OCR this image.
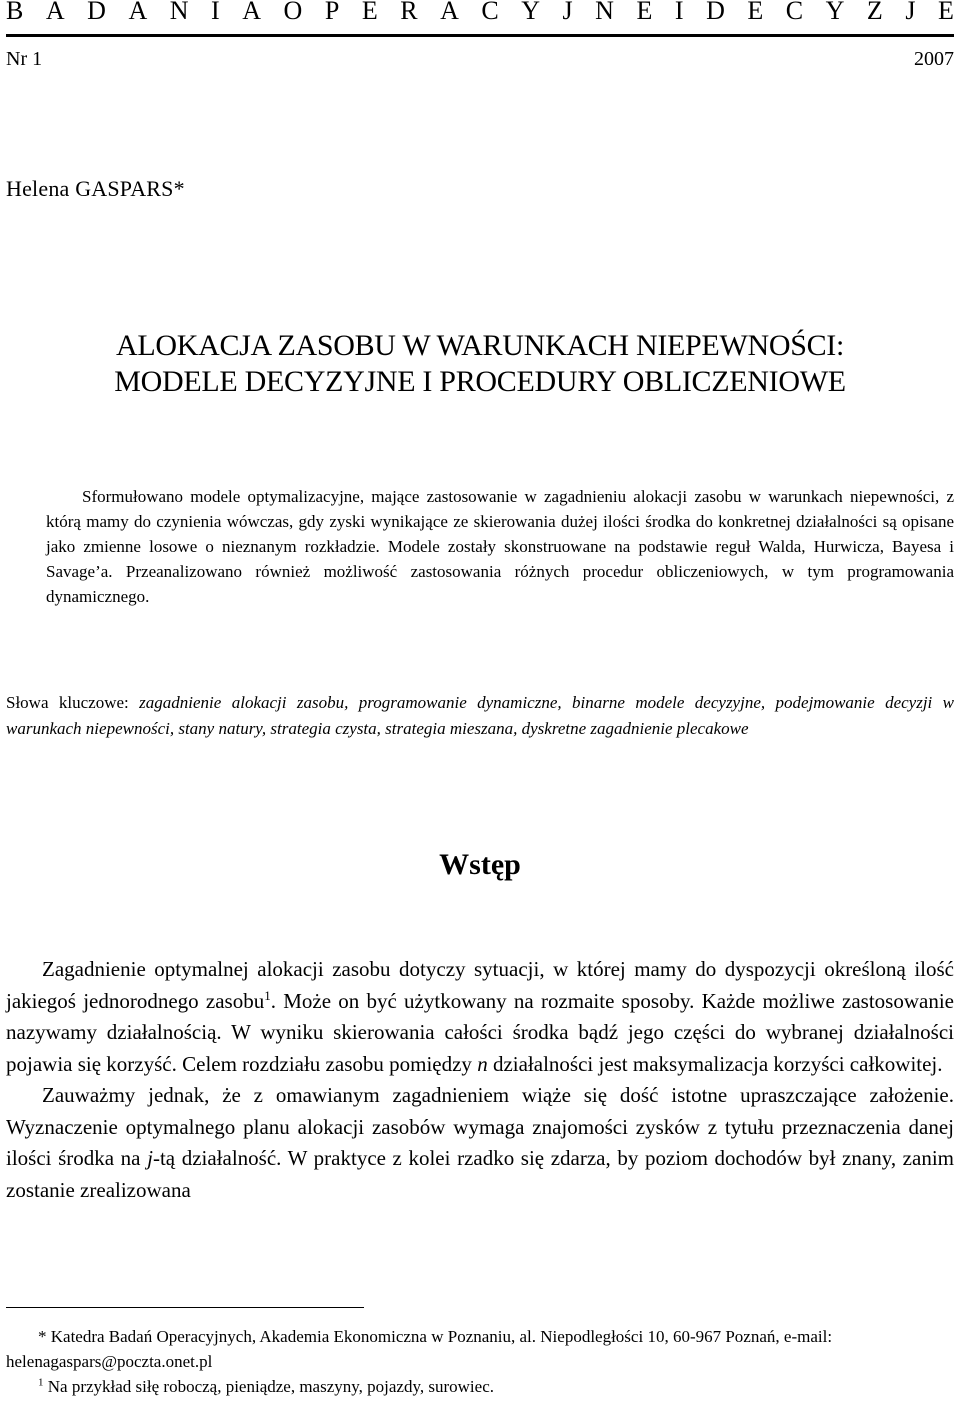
B A D A N I A O P E R A C Y J N E I D E C Y Z J E
Nr 1	2007
Helena GASPARS*
ALOKACJA ZASOBU W WARUNKACH NIEPEWNOŚCI:
MODELE DECYZYJNE I PROCEDURY OBLICZENIOWE

Sformułowano modele optymalizacyjne, mające zastosowanie w zagadnieniu alokacji zasobu w warunkach niepewności, z którą mamy do czynienia wówczas, gdy zyski wynikające ze skierowania dużej ilości środka do konkretnej działalności są opisane jako zmienne losowe o nieznanym rozkładzie. Modele zostały skonstruowane na podstawie reguł Walda, Hurwicza, Bayesa i Savage’a. Przeanalizowano również możliwość zastosowania różnych procedur obliczeniowych, w tym programowania dynamicznego.

Słowa kluczowe: zagadnienie alokacji zasobu, programowanie dynamiczne, binarne modele decyzyjne, podejmowanie decyzji w warunkach niepewności, stany natury, strategia czysta, strategia mieszana, dyskretne zagadnienie plecakowe
Wstęp

Zagadnienie optymalnej alokacji zasobu dotyczy sytuacji, w której mamy do dyspozycji określoną ilość jakiegoś jednorodnego zasobu$^1$. Może on być użytkowany na rozmaite sposoby. Każde możliwe zastosowanie nazywamy działalnością. W wyniku skierowania całości środka bądź jego części do wybranej działalności pojawia się korzyść. Celem rozdziału zasobu pomiędzy n działalności jest maksymalizacja korzyści całkowitej.

Zauważmy jednak, że z omawianym zagadnieniem wiąże się dość istotne upraszczające założenie. Wyznaczenie optymalnego planu alokacji zasobów wymaga znajomości zysków z tytułu przeznaczenia danej ilości środka na j-tą działalność. W praktyce z kolei rzadko się zdarza, by poziom dochodów był znany, zanim zostanie zrealizowana

* Katedra Badań Operacyjnych, Akademia Ekonomiczna w Poznaniu, al. Niepodległości 10, 60-967 Poznań, e-mail: helenagaspars@poczta.onet.pl

$^1$ Na przykład siłę roboczą, pieniądze, maszyny, pojazdy, surowiec.
